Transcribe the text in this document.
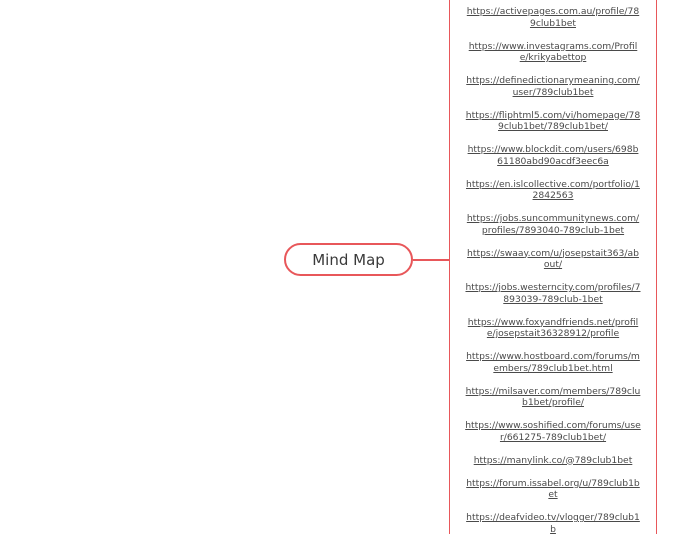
Mind Map
https://activepages.com.au/profile/789club1bet
https://www.investagrams.com/Profile/krikyabettop
https://definedictionarymeaning.com/user/789club1bet
https://fliphtml5.com/vi/homepage/789club1bet/789club1bet/
https://www.blockdit.com/users/698b61180abd90acdf3eec6a
https://en.islcollective.com/portfolio/12842563
https://jobs.suncommunitynews.com/profiles/7893040-789club-1bet
https://swaay.com/u/josepstait363/about/
https://jobs.westerncity.com/profiles/7893039-789club-1bet
https://www.foxyandfriends.net/profile/josepstait36328912/profile
https://www.hostboard.com/forums/members/789club1bet.html
https://milsaver.com/members/789club1bet/profile/
https://www.soshified.com/forums/user/661275-789club1bet/
https://manylink.co/@789club1bet
https://forum.issabel.org/u/789club1bet
https://deafvideo.tv/vlogger/789club1b
